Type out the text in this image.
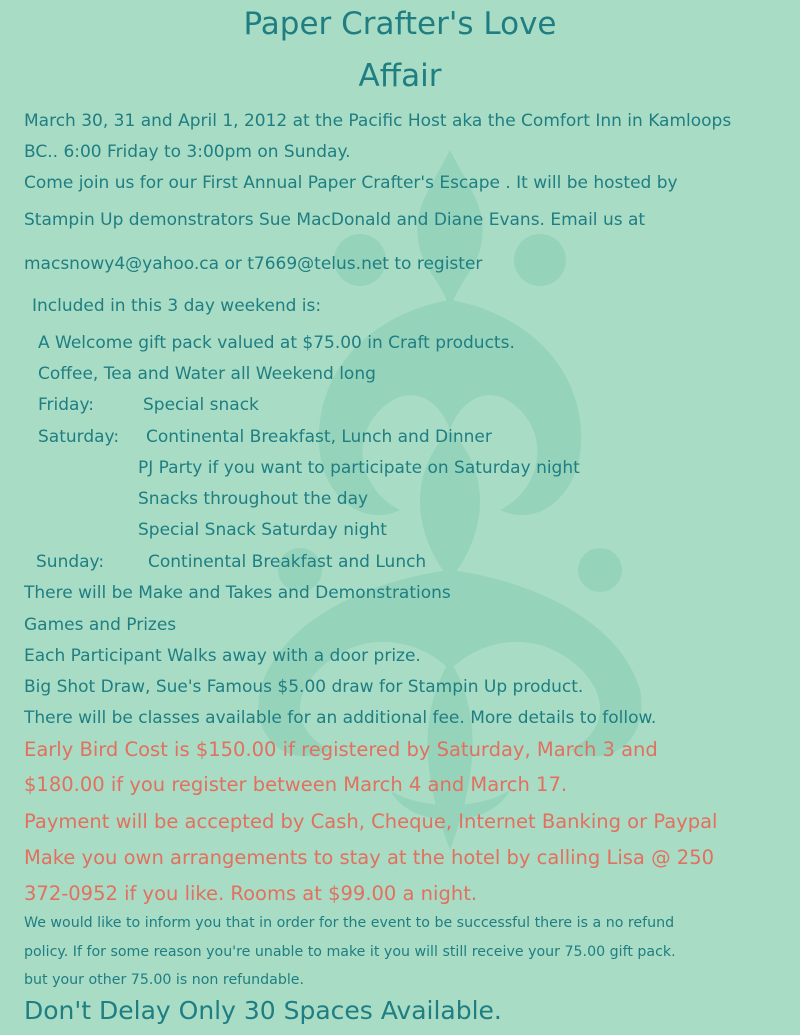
Paper Crafter's Love
Affair
March 30, 31 and April 1, 2012 at the Pacific Host aka the Comfort Inn in Kamloops
BC.. 6:00 Friday to 3:00pm on Sunday.
Come join us for our First Annual Paper Crafter's Escape . It will be hosted by
Stampin Up demonstrators Sue MacDonald and Diane Evans. Email us at
macsnowy4@yahoo.ca or t7669@telus.net to register
Included in this 3 day weekend is:
A Welcome gift pack valued at $75.00 in Craft products.
Coffee, Tea and Water all Weekend long
Friday:	Special snack
Saturday: Continental Breakfast, Lunch and Dinner
PJ Party if you want to participate on Saturday night
Snacks throughout the day
Special Snack Saturday night
Sunday:	Continental Breakfast and Lunch
There will be Make and Takes and Demonstrations
Games and Prizes
Each Participant Walks away with a door prize.
Big Shot Draw, Sue's Famous $5.00 draw for Stampin Up product.
There will be classes available for an additional fee. More details to follow.
Early Bird Cost is $150.00 if registered by Saturday, March 3 and
$180.00 if you register between March 4 and March 17.
Payment will be accepted by Cash, Cheque, Internet Banking or Paypal
Make you own arrangements to stay at the hotel by calling Lisa @ 250
372-0952 if you like. Rooms at $99.00 a night.
We would like to inform you that in order for the event to be successful there is a no refund
policy. If for some reason you're unable to make it you will still receive your 75.00 gift pack.
but your other 75.00 is non refundable.
Don't Delay Only 30 Spaces Available.
